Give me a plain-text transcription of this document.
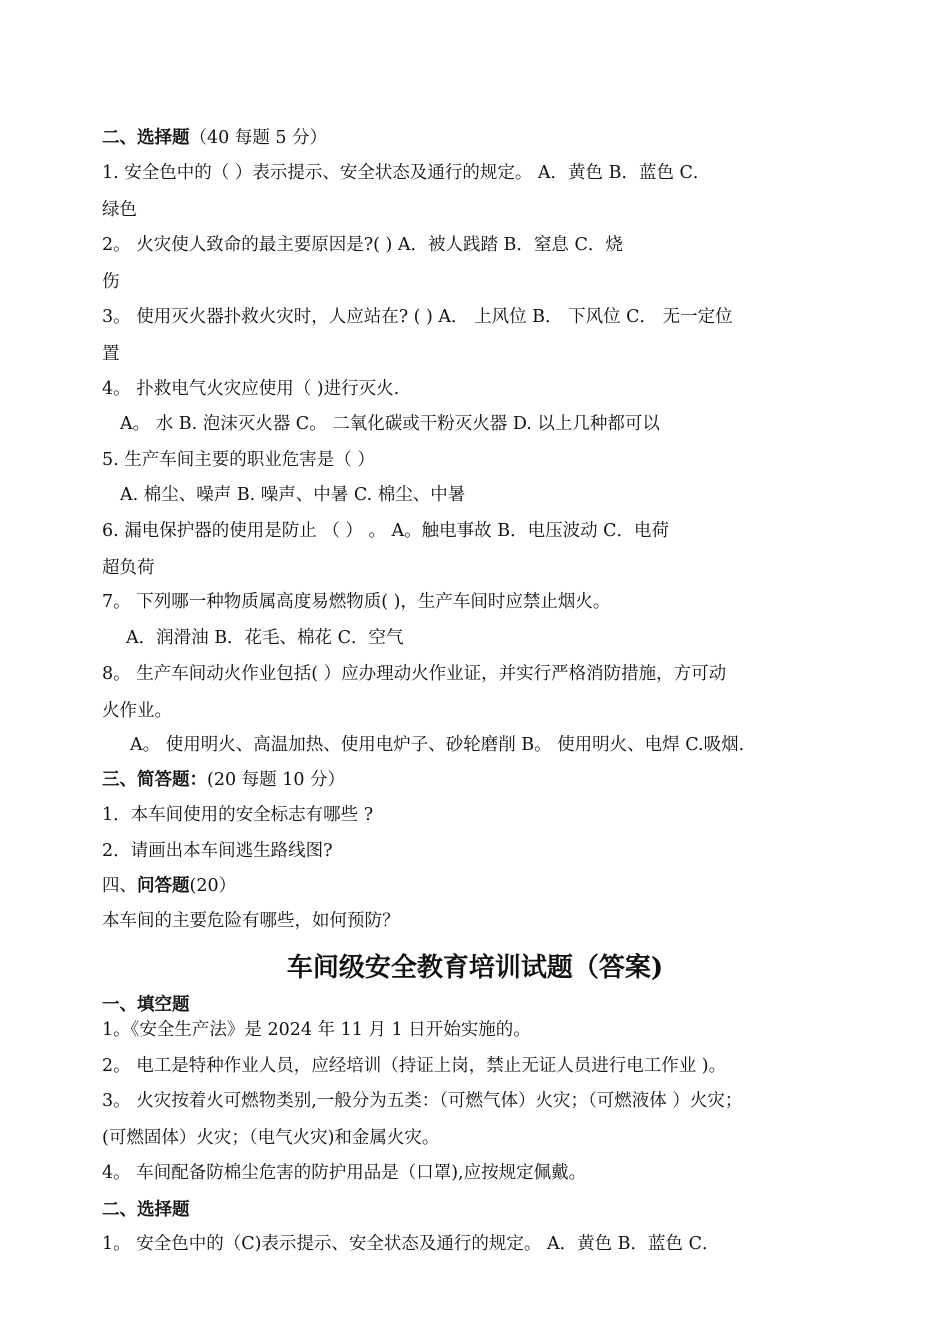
二、选择题（40 每题 5 分）
1. 安全色中的（ ）表示提示、安全状态及通行的规定。 A．黄色 B．蓝色 C．
绿色
2。 火灾使人致命的最主要原因是?( ) A．被人践踏 B．窒息 C．烧
伤
3。 使用灭火器扑救火灾时，人应站在? ( ) A． 上风位 B． 下风位 C． 无一定位
置
4。 扑救电气火灾应使用（ )进行灭火.
A。 水 B. 泡沫灭火器 C。 二氧化碳或干粉灭火器 D. 以上几种都可以
5. 生产车间主要的职业危害是（ ）
A. 棉尘、噪声 B. 噪声、中暑 C. 棉尘、中暑
6. 漏电保护器的使用是防止 （ ） 。 A。触电事故 B．电压波动 C．电荷
超负荷
7。 下列哪一种物质属高度易燃物质( )，生产车间时应禁止烟火。
A．润滑油 B．花毛、棉花 C．空气
8。 生产车间动火作业包括( ）应办理动火作业证，并实行严格消防措施，方可动
火作业。
A。 使用明火、高温加热、使用电炉子、砂轮磨削 B。 使用明火、电焊 C.吸烟.
三、简答题：(20 每题 10 分）
1．本车间使用的安全标志有哪些 ?
2．请画出本车间逃生路线图?
四、问答题(20）
本车间的主要危险有哪些，如何预防？
车间级安全教育培训试题（答案)
一、填空题
1。《安全生产法》是 2024 年 11 月 1 日开始实施的。
2。 电工是特种作业人员，应经培训（持证上岗，禁止无证人员进行电工作业 )。
3。 火灾按着火可燃物类别,一般分为五类：（可燃气体）火灾；（可燃液体 ）火灾；
(可燃固体）火灾；（电气火灾)和金属火灾。
4。 车间配备防棉尘危害的防护用品是（口罩),应按规定佩戴。
二、选择题
1。 安全色中的（C)表示提示、安全状态及通行的规定。 A．黄色 B．蓝色 C．
